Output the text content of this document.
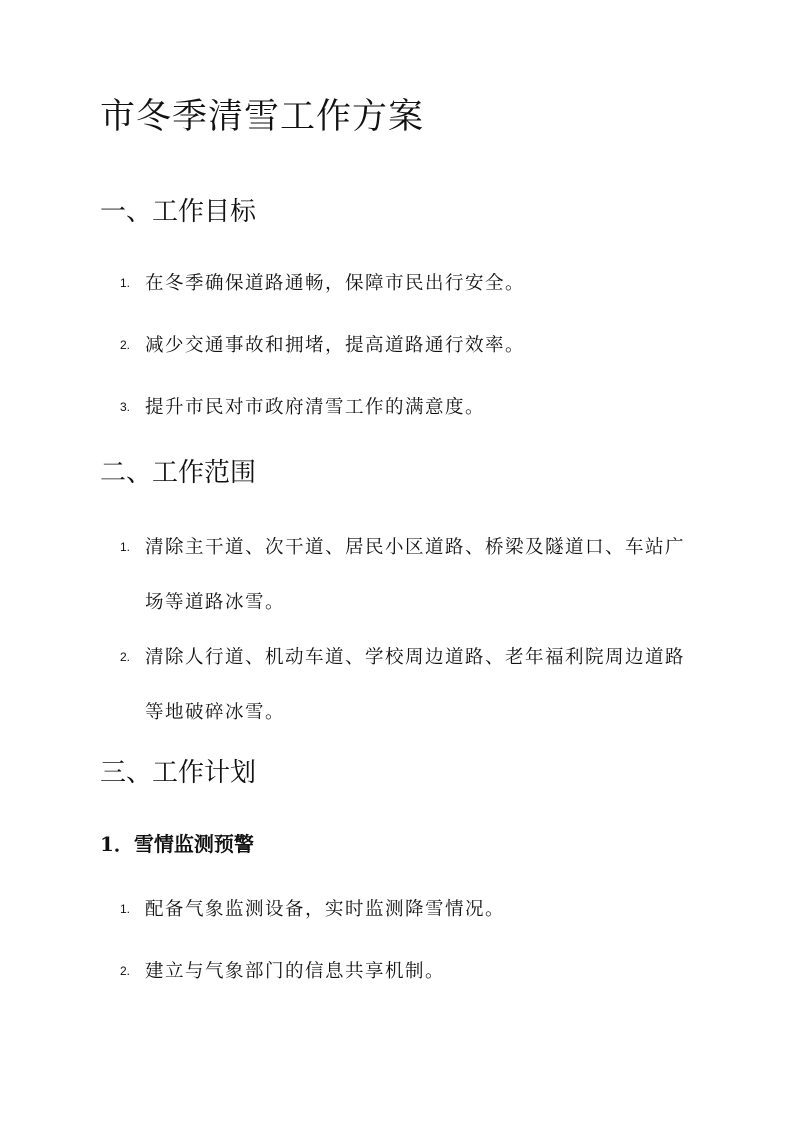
市冬季清雪工作方案
一、工作目标
1. 在冬季确保道路通畅，保障市民出行安全。
2. 减少交通事故和拥堵，提高道路通行效率。
3. 提升市民对市政府清雪工作的满意度。
二、工作范围
1. 清除主干道、次干道、居民小区道路、桥梁及隧道口、车站广场等道路冰雪。
2. 清除人行道、机动车道、学校周边道路、老年福利院周边道路等地破碎冰雪。
三、工作计划
1．雪情监测预警
1. 配备气象监测设备，实时监测降雪情况。
2. 建立与气象部门的信息共享机制。
